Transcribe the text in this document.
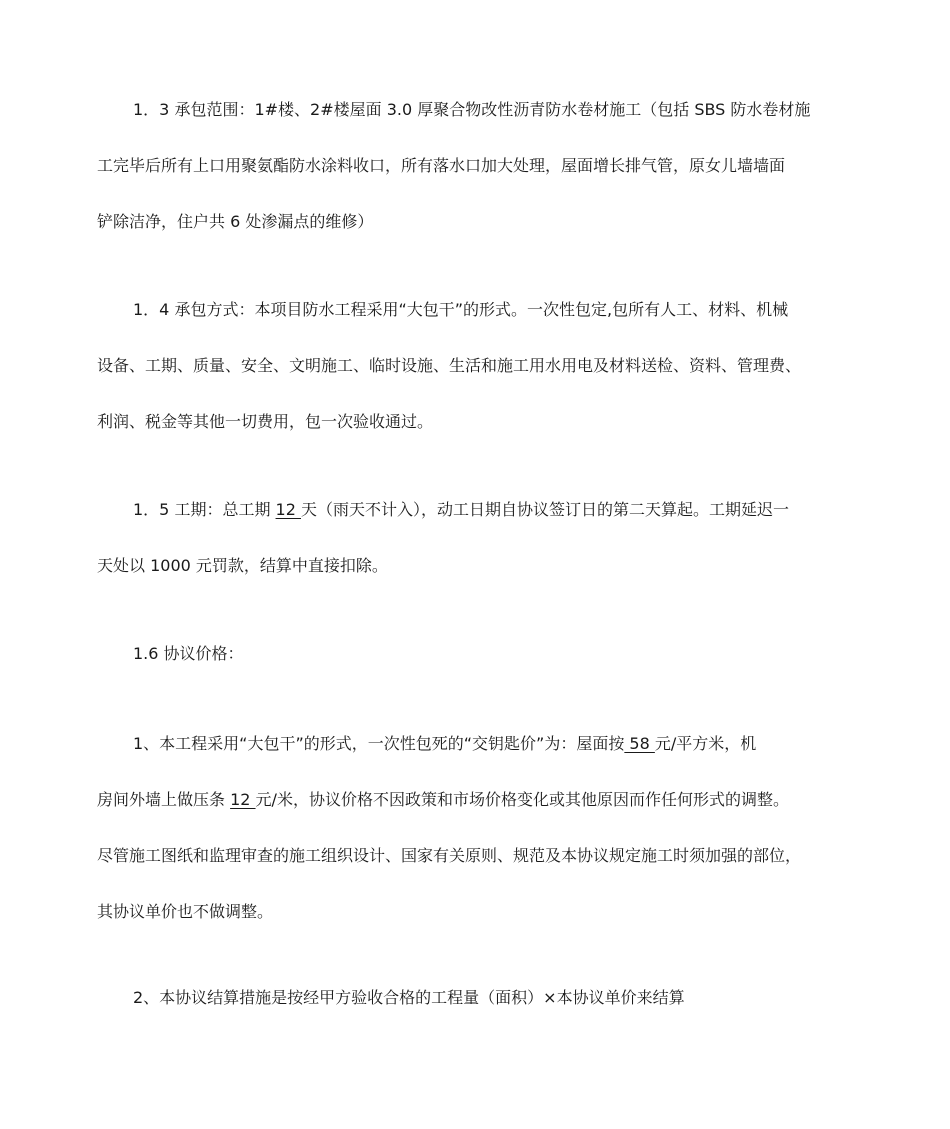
1．3 承包范围：1#楼、2#楼屋面 3.0 厚聚合物改性沥青防水卷材施工（包括 SBS 防水卷材施
工完毕后所有上口用聚氨酯防水涂料收口，所有落水口加大处理，屋面增长排气管，原女儿墙墙面
铲除洁净，住户共 6 处渗漏点的维修）
1．4 承包方式：本项目防水工程采用“大包干”的形式。一次性包定,包所有人工、材料、机械
设备、工期、质量、安全、文明施工、临时设施、生活和施工用水用电及材料送检、资料、管理费、
利润、税金等其他一切费用，包一次验收通过。
1．5 工期：总工期 12 天（雨天不计入），动工日期自协议签订日的第二天算起。工期延迟一
天处以 1000 元罚款，结算中直接扣除。
1.6 协议价格：
1、本工程采用“大包干”的形式，一次性包死的“交钥匙价”为：屋面按 58 元/平方米，机
房间外墙上做压条 12 元/米，协议价格不因政策和市场价格变化或其他原因而作任何形式的调整。
尽管施工图纸和监理审查的施工组织设计、国家有关原则、规范及本协议规定施工时须加强的部位，
其协议单价也不做调整。
2、本协议结算措施是按经甲方验收合格的工程量（面积）×本协议单价来结算
